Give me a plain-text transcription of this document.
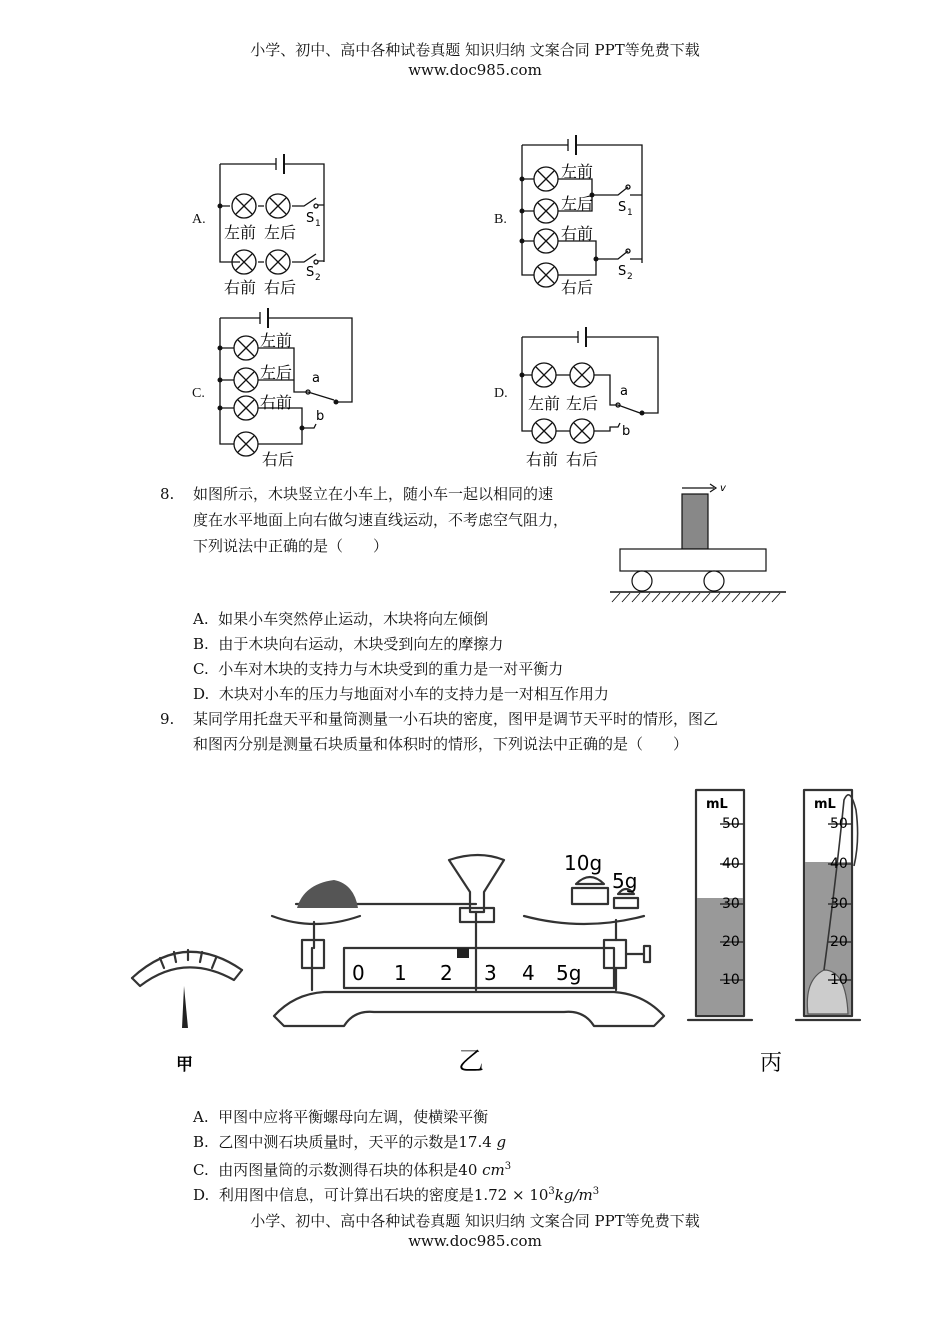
小学、初中、高中各种试卷真题 知识归纳 文案合同 PPT等免费下载
www.doc985.com
A.	B.
C.	D.
左前 左后
右前 右后
S 1
S 2
左前
左后
右前
右后
S 1
S 2
左前
左后
右前
右后
a
b
左前 左后
右前 右后
a
b
8. 如图所示，木块竖立在小车上，随小车一起以相同的速
度在水平地面上向右做匀速直线运动，不考虑空气阻力，
下列说法中正确的是（　　）
v
A. 如果小车突然停止运动，木块将向左倾倒
B. 由于木块向右运动，木块受到向左的摩擦力
C. 小车对木块的支持力与木块受到的重力是一对平衡力
D. 木块对小车的压力与地面对小车的支持力是一对相互作用力
9. 某同学用托盘天平和量筒测量一小石块的密度，图甲是调节天平时的情形，图乙
和图丙分别是测量石块质量和体积时的情形，下列说法中正确的是（　　）
甲	乙	丙
10g
5g
0 1 2 3 4 5g
mL
50
40
30
20
10
mL
50
40
30
20
10
A. 甲图中应将平衡螺母向左调，使横梁平衡
B. 乙图中测石块质量时，天平的示数是17.4 g
C. 由丙图量筒的示数测得石块的体积是40 $cm^3$
D. 利用图中信息，可计算出石块的密度是$1.72 \times 10^3kg/m^3$
小学、初中、高中各种试卷真题 知识归纳 文案合同 PPT等免费下载
www.doc985.com
